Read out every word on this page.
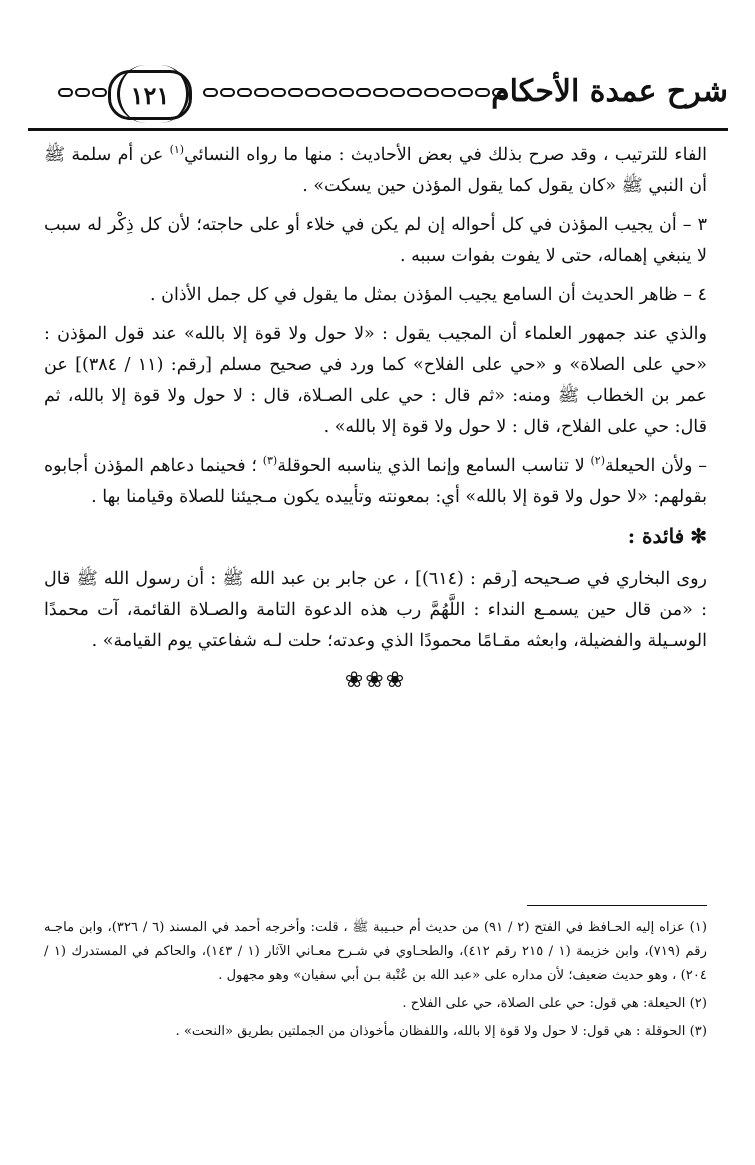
١٢١	شرح عمدة الأحكام

الفاء للترتيب ، وقد صرح بذلك في بعض الأحاديث : منها ما رواه النسائي$^{(١)}$ عن أم سلمة ﷺ أن النبي ﷺ «كان يقول كما يقول المؤذن حين يسكت» .

٣ – أن يجيب المؤذن في كل أحواله إن لم يكن في خلاء أو على حاجته؛ لأن كل ذِكْر له سبب لا ينبغي إهماله، حتى لا يفوت بفوات سببه .

٤ – ظاهر الحديث أن السامع يجيب المؤذن بمثل ما يقول في كل جمل الأذان .

والذي عند جمهور العلماء أن المجيب يقول : «لا حول ولا قوة إلا بالله» عند قول المؤذن : «حي على الصلاة» و «حي على الفلاح» كما ورد في صحيح مسلم [رقم: (١١ / ٣٨٤)] عن عمر بن الخطاب ﷺ ومنه: «ثم قال : حي على الصـلاة، قال : لا حول ولا قوة إلا بالله، ثم قال: حي على الفلاح، قال : لا حول ولا قوة إلا بالله» .

– ولأن الحيعلة$^{(٢)}$ لا تناسب السامع وإنما الذي يناسبه الحوقلة$^{(٣)}$ ؛ فحينما دعاهم المؤذن أجابوه بقولهم: «لا حول ولا قوة إلا بالله» أي: بمعونته وتأييده يكون مـجيئنا للصلاة وقيامنا بها .

✻فائدة :

روى البخاري في صـحيحه [رقم : (٦١٤)] ، عن جابر بن عبد الله ﷺ : أن رسول الله ﷺ قال : «من قال حين يسمـع النداء : اللَّهُمَّ رب هذه الدعوة التامة والصـلاة القائمة، آت محمدًا الوسـيلة والفضيلة، وابعثه مقـامًا محمودًا الذي وعدته؛ حلت لـه شفاعتي يوم القيامة» .

❀❀❀

(١) عزاه إليه الحـافظ في الفتح (٢ / ٩١) من حديث أم حبـيبة ﷺ ، قلت: وأخرجه أحمد في المسند (٦ / ٣٢٦)، وابن ماجـه رقم (٧١٩)، وابن خزيمة (١ / ٢١٥ رقم ٤١٢)، والطحـاوي في شـرح معـاني الآثار (١ / ١٤٣)، والحاكم في المستدرك (١ / ٢٠٤) ، وهو حديث ضعيف؛ لأن مداره على «عبد الله بن عُتْبة بـن أبي سفيان» وهو مجهول .

(٢) الحيعلة: هي قول: حي على الصلاة، حي على الفلاح .

(٣) الحوقلة : هي قول: لا حول ولا قوة إلا بالله، واللفظان مأخوذان من الجملتين بطريق «النحت» .
